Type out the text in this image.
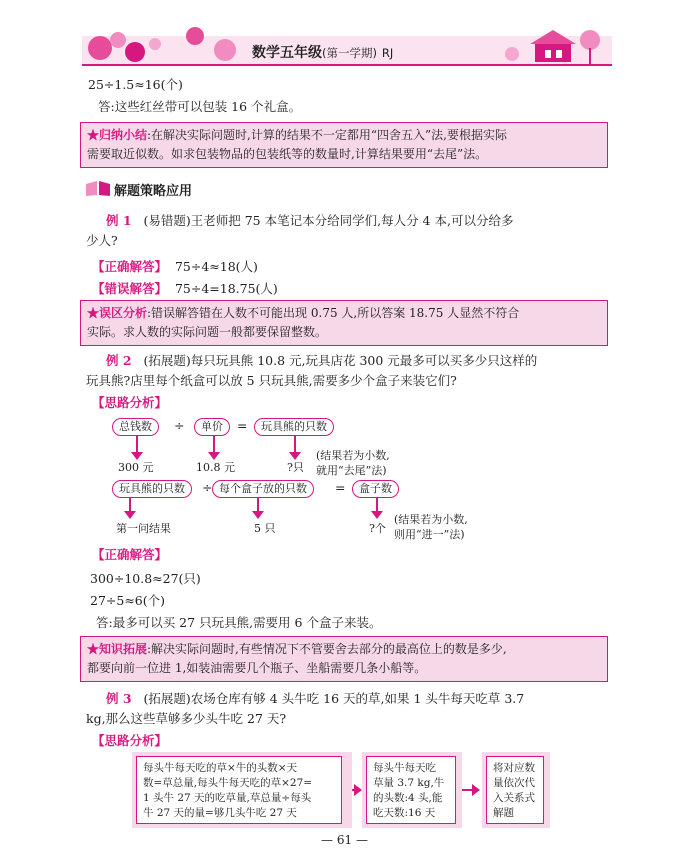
数学五年级(第一学期) RJ
25÷1.5≈16(个)
答:这些红丝带可以包装 16 个礼盒。
★归纳小结:在解决实际问题时,计算的结果不一定都用“四舍五入”法,要根据实际
需要取近似数。如求包装物品的包装纸等的数量时,计算结果要用“去尾”法。
解题策略应用
例 1 (易错题)王老师把 75 本笔记本分给同学们,每人分 4 本,可以分给多
少人?
【正确解答】 75÷4≈18(人)
【错误解答】 75÷4=18.75(人)
★误区分析:错误解答错在人数不可能出现 0.75 人,所以答案 18.75 人显然不符合
实际。求人数的实际问题一般都要保留整数。
例 2 (拓展题)每只玩具熊 10.8 元,玩具店花 300 元最多可以买多少只这样的
玩具熊?店里每个纸盒可以放 5 只玩具熊,需要多少个盒子来装它们?
【思路分析】
总钱数	÷	单价	=	玩具熊的只数
300 元	10.8 元	?只
(结果若为小数,
就用“去尾”法)
玩具熊的只数	÷ 每个盒子放的只数	=	盒子数
第一问结果	5 只	?个
(结果若为小数,
则用“进一”法)
【正确解答】
300÷10.8≈27(只)
27÷5≈6(个)
答:最多可以买 27 只玩具熊,需要用 6 个盒子来装。
★知识拓展:解决实际问题时,有些情况下不管要舍去部分的最高位上的数是多少,
都要向前一位进 1,如装油需要几个瓶子、坐船需要几条小船等。
例 3 (拓展题)农场仓库有够 4 头牛吃 16 天的草,如果 1 头牛每天吃草 3.7
kg,那么这些草够多少头牛吃 27 天?
【思路分析】
每头牛每天吃的草×牛的头数×天
数=草总量,每头牛每天吃的草×27=
1 头牛 27 天的吃草量,草总量÷每头
牛 27 天的量=够几头牛吃 27 天
每头牛每天吃
草量 3.7 kg,牛
的头数:4 头,能
吃天数:16 天
将对应数
量依次代
入关系式
解题
— 61 —
